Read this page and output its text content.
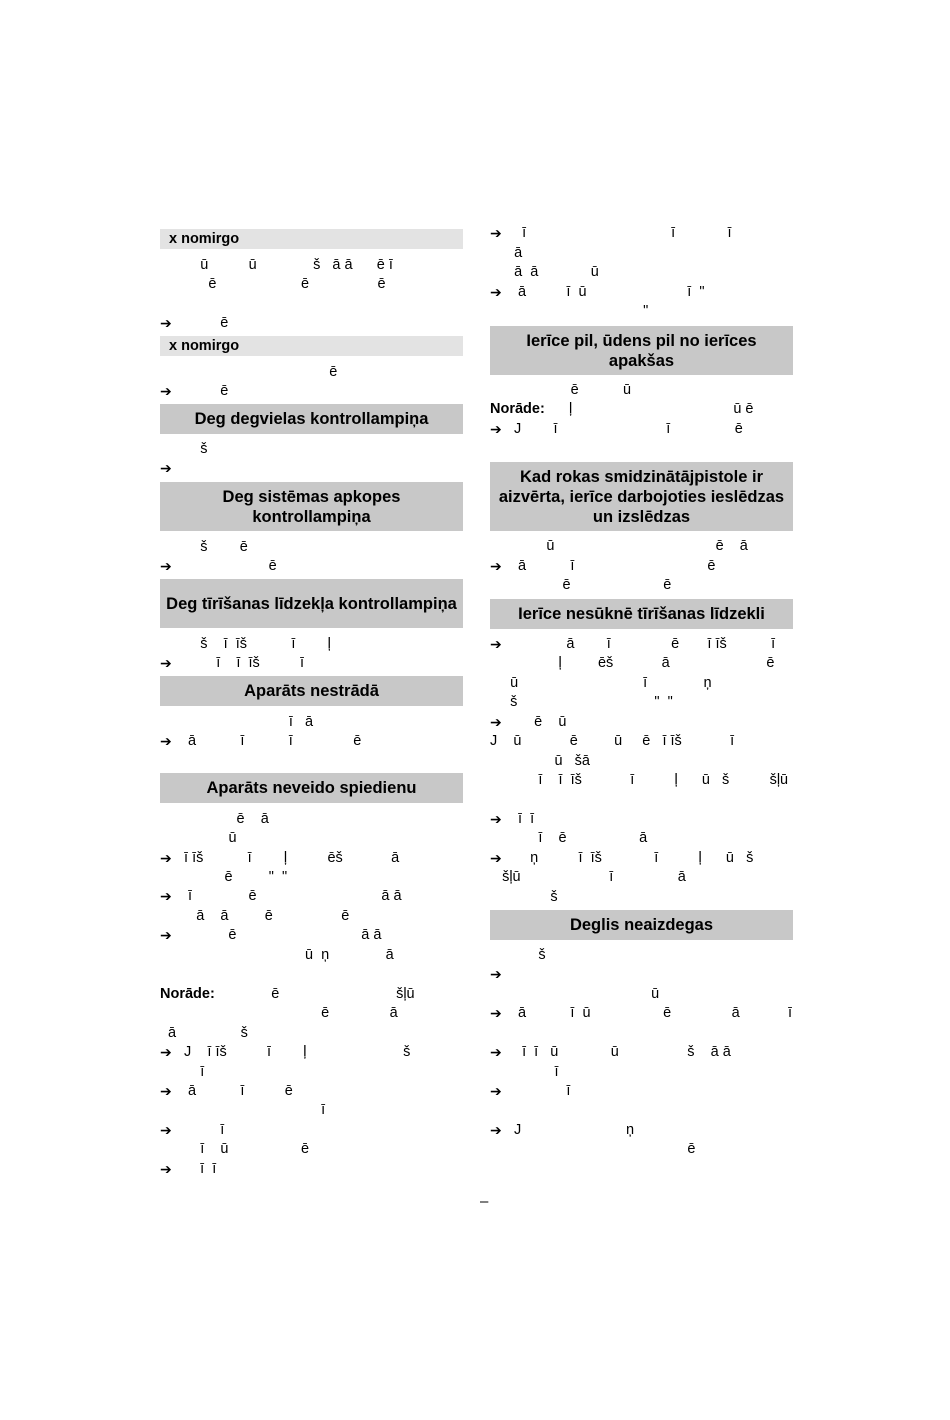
x nomirgo
ū          ū              š   ā ā      ē ī
ē                     ē                 ē
➔ ē
x nomirgo
ē
➔ ē
Deg degvielas kontrollampiņa
š
➔
Deg sistēmas apkopes kontrollampiņa
š        ē
➔ ē
Deg tīrīšanas līdzekļa kontrollampiņa
š    ī  īš           ī        ļ
➔ ī    ī  īš          ī
Aparāts nestrādā
ī   ā
➔ ā           ī           ī               ē
Aparāts neveido spiedienu
ē    ā
ū
➔ ī īš           ī        ļ          ēš            ā
ē         "  "
➔ ī              ē                               ā ā
ā    ā         ē                 ē
➔ ē                               ā ā
ū  ņ              ā
Norāde:              ē                             šļū
ē               ā
ā                š
➔ J    ī īš          ī        ļ                        š
ī
➔ ā           ī          ē
ī
➔ ī
ī    ū                  ē
➔ ī  ī
➔ ī                                    ī             ī
ā
ā  ā             ū
➔ ā          ī  ū                         ī  "
"
Ierīce pil, ūdens pil no ierīces apakšas
ē           ū
Norāde:      ļ                                        ū ē
➔ J        ī                           ī                ē
Kad rokas smidzinātājpistole ir aizvērta, ierīce darbojoties ieslēdzas un izslēdzas
ū                                        ē    ā
➔ ā           ī                                 ē
ē                       ē
Ierīce nesūknē tīrīšanas līdzekli
➔ ā        ī               ē       ī īš           ī
ļ         ēš            ā                        ē
ū                               ī              ņ
š                                  "  "
➔ ē    ū
J    ū            ē         ū     ē   ī īš            ī
ū   šā
ī    ī  īš            ī          ļ      ū   š          šļū
➔ ī  ī
ī    ē                  ā
➔ ņ          ī  īš             ī          ļ      ū   š
šļū                      ī                ā
š
Deglis neaizdegas
š
➔
ū
➔ ā           ī  ū                  ē               ā            ī
➔ ī  ī   ū             ū                 š    ā ā
ī
➔ ī
➔ J                          ņ
ē
–
